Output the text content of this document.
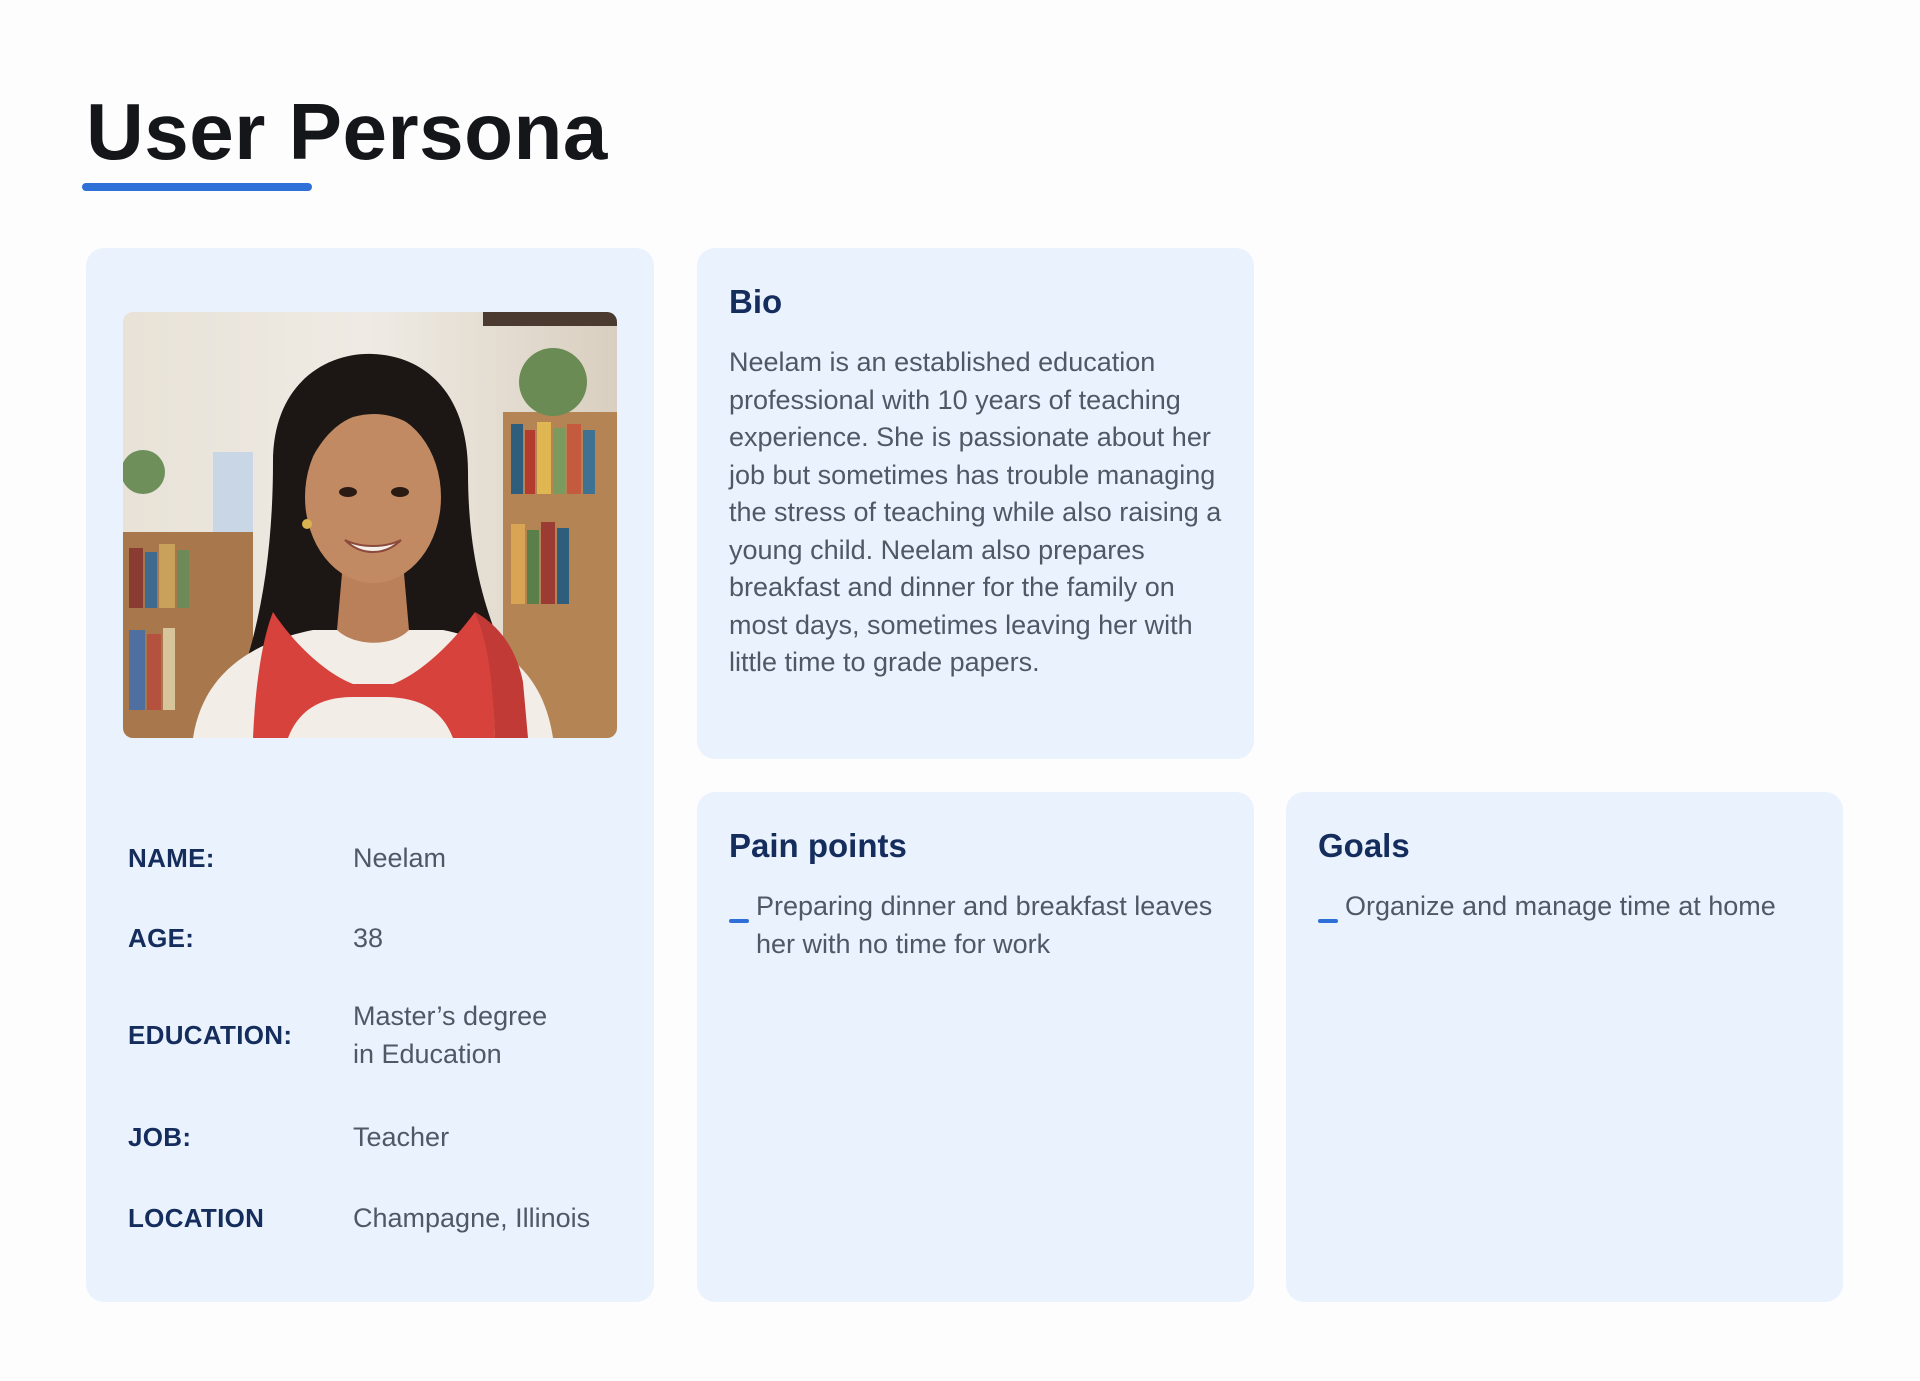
User Persona
NAME:	Neelam
AGE:	38
EDUCATION:
Master’s degree
in Education
JOB:	Teacher
LOCATION	Champagne, Illinois
Bio

Neelam is an established education professional with 10 years of teaching experience. She is passionate about her job but sometimes has trouble managing the stress of teaching while also raising a young child. Neelam also prepares breakfast and dinner for the family on most days, sometimes leaving her with little time to grade papers.

Pain points
Preparing dinner and breakfast leaves her with no time for work
Goals
Organize and manage time at home
